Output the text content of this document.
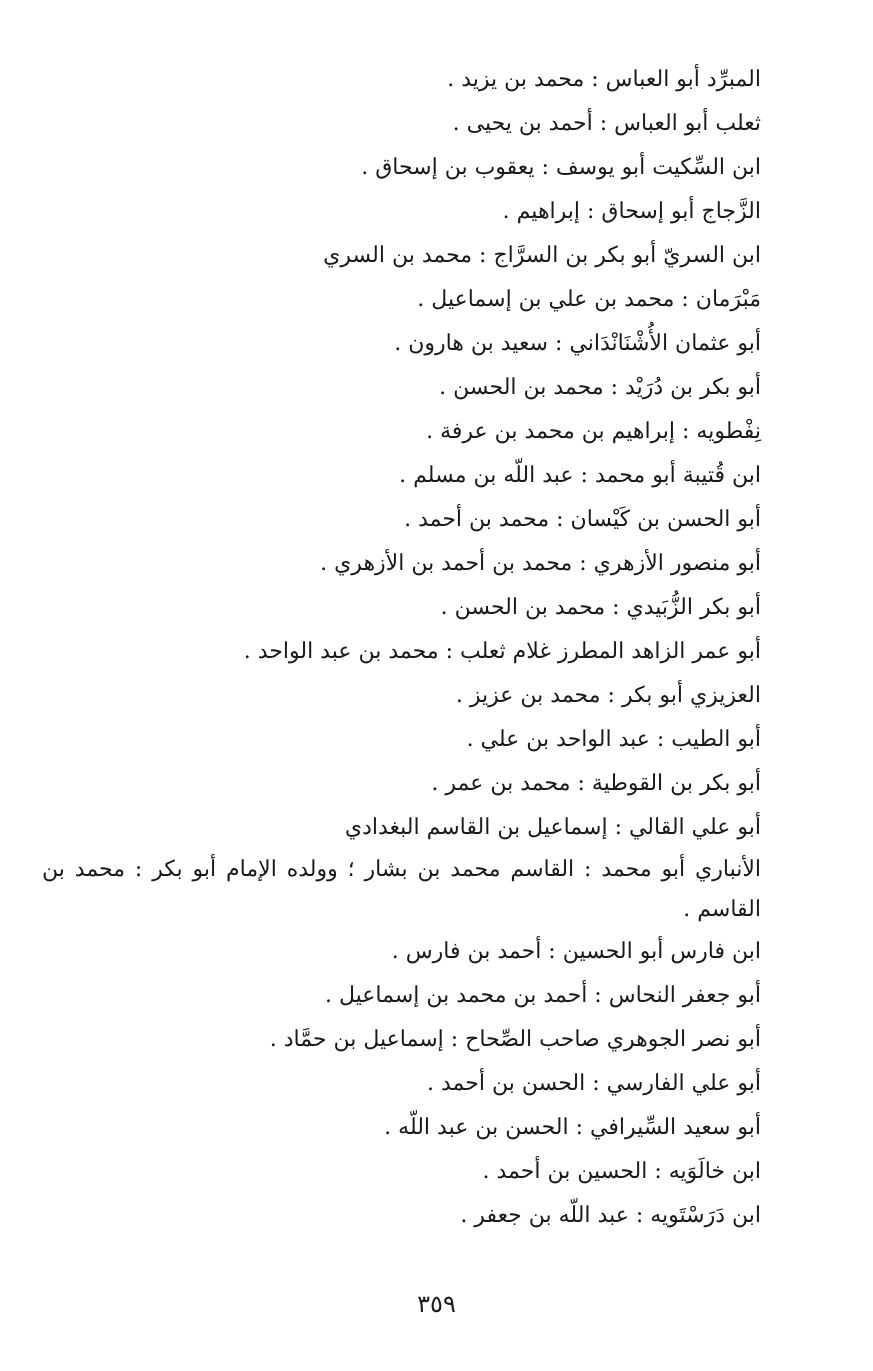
المبرِّد أبو العباس : محمد بن يزيد .
ثعلب أبو العباس : أحمد بن يحيى .
ابن السِّكيت أبو يوسف : يعقوب بن إسحاق .
الزَّجاج أبو إسحاق : إبراهيم .
ابن السريّ أبو بكر بن السرَّاج : محمد بن السري
مَبْرَمان : محمد بن علي بن إسماعيل .
أبو عثمان الأُشْنَانْدَاني : سعيد بن هارون .
أبو بكر بن دُرَيْد : محمد بن الحسن .
نِفْطويه : إبراهيم بن محمد بن عرفة .
ابن قُتيبة أبو محمد : عبد اللّه بن مسلم .
أبو الحسن بن كَيْسان : محمد بن أحمد .
أبو منصور الأزهري : محمد بن أحمد بن الأزهري .
أبو بكر الزُّبَيدي : محمد بن الحسن .
أبو عمر الزاهد المطرز غلام ثعلب : محمد بن عبد الواحد .
العزيزي أبو بكر : محمد بن عزيز .
أبو الطيب : عبد الواحد بن علي .
أبو بكر بن القوطية : محمد بن عمر .
أبو علي القالي : إسماعيل بن القاسم البغدادي
الأنباري أبو محمد : القاسم محمد بن بشار ؛ وولده الإمام أبو بكر : محمد بن القاسم .
ابن فارس أبو الحسين : أحمد بن فارس .
أبو جعفر النحاس : أحمد بن محمد بن إسماعيل .
أبو نصر الجوهري صاحب الصِّحاح : إسماعيل بن حمَّاد .
أبو علي الفارسي : الحسن بن أحمد .
أبو سعيد السِّيرافي : الحسن بن عبد اللّه .
ابن خالَوَيه : الحسين بن أحمد .
ابن دَرَسْتَويه : عبد اللّه بن جعفر .
٣٥٩
